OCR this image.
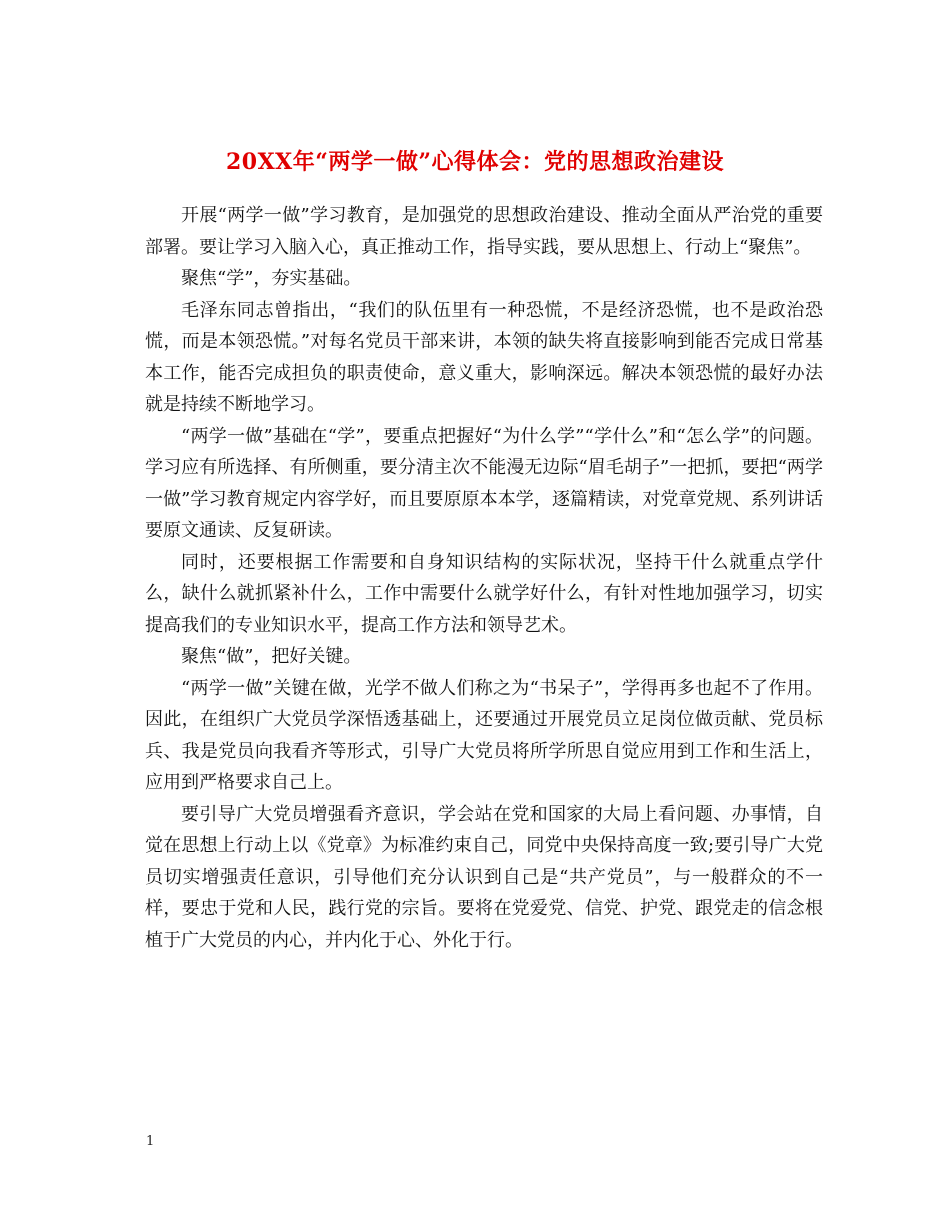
20XX年“两学一做”心得体会：党的思想政治建设

开展“两学一做”学习教育，是加强党的思想政治建设、推动全面从严治党的重要部署。要让学习入脑入心，真正推动工作，指导实践，要从思想上、行动上“聚焦”。

聚焦“学”，夯实基础。

毛泽东同志曾指出，“我们的队伍里有一种恐慌，不是经济恐慌，也不是政治恐慌，而是本领恐慌。”对每名党员干部来讲，本领的缺失将直接影响到能否完成日常基本工作，能否完成担负的职责使命，意义重大，影响深远。解决本领恐慌的最好办法就是持续不断地学习。

“两学一做”基础在“学”，要重点把握好“为什么学”“学什么”和“怎么学”的问题。学习应有所选择、有所侧重，要分清主次不能漫无边际“眉毛胡子”一把抓，要把“两学一做”学习教育规定内容学好，而且要原原本本学，逐篇精读，对党章党规、系列讲话要原文通读、反复研读。

同时，还要根据工作需要和自身知识结构的实际状况，坚持干什么就重点学什么，缺什么就抓紧补什么，工作中需要什么就学好什么，有针对性地加强学习，切实提高我们的专业知识水平，提高工作方法和领导艺术。

聚焦“做”，把好关键。

“两学一做”关键在做，光学不做人们称之为“书呆子”，学得再多也起不了作用。因此，在组织广大党员学深悟透基础上，还要通过开展党员立足岗位做贡献、党员标兵、我是党员向我看齐等形式，引导广大党员将所学所思自觉应用到工作和生活上，应用到严格要求自己上。

要引导广大党员增强看齐意识，学会站在党和国家的大局上看问题、办事情，自觉在思想上行动上以《党章》为标准约束自己，同党中央保持高度一致;要引导广大党员切实增强责任意识，引导他们充分认识到自己是“共产党员”，与一般群众的不一样，要忠于党和人民，践行党的宗旨。要将在党爱党、信党、护党、跟党走的信念根植于广大党员的内心，并内化于心、外化于行。

1
